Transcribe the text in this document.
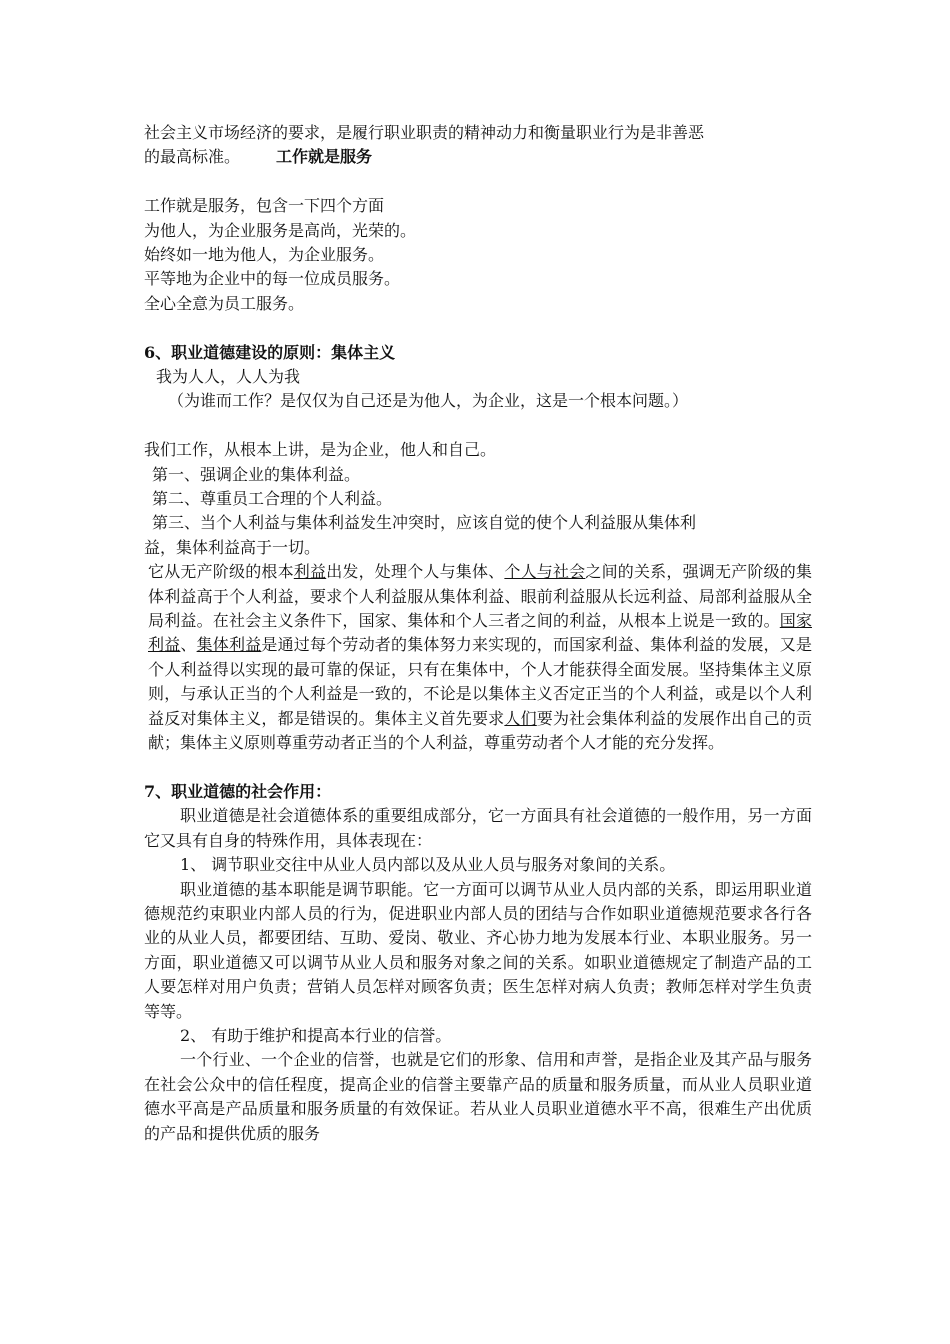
社会主义市场经济的要求，是履行职业职责的精神动力和衡量职业行为是非善恶

的最高标准。 工作就是服务

工作就是服务，包含一下四个方面

为他人，为企业服务是高尚，光荣的。

始终如一地为他人，为企业服务。

平等地为企业中的每一位成员服务。

全心全意为员工服务。

6、职业道德建设的原则：集体主义

我为人人，人人为我

（为谁而工作？是仅仅为自己还是为他人，为企业，这是一个根本问题。）

我们工作，从根本上讲，是为企业，他人和自己。

第一、强调企业的集体利益。

第二、尊重员工合理的个人利益。

第三、当个人利益与集体利益发生冲突时，应该自觉的使个人利益服从集体利

益，集体利益高于一切。

它从无产阶级的根本利益出发，处理个人与集体、个人与社会之间的关系，强调无产阶级的集体利益高于个人利益，要求个人利益服从集体利益、眼前利益服从长远利益、局部利益服从全局利益。在社会主义条件下，国家、集体和个人三者之间的利益，从根本上说是一致的。国家利益、集体利益是通过每个劳动者的集体努力来实现的，而国家利益、集体利益的发展，又是个人利益得以实现的最可靠的保证，只有在集体中，个人才能获得全面发展。坚持集体主义原则，与承认正当的个人利益是一致的，不论是以集体主义否定正当的个人利益，或是以个人利益反对集体主义，都是错误的。集体主义首先要求人们要为社会集体利益的发展作出自己的贡献；集体主义原则尊重劳动者正当的个人利益，尊重劳动者个人才能的充分发挥。

7、职业道德的社会作用：

职业道德是社会道德体系的重要组成部分，它一方面具有社会道德的一般作用，另一方面它又具有自身的特殊作用，具体表现在：

1、 调节职业交往中从业人员内部以及从业人员与服务对象间的关系。

职业道德的基本职能是调节职能。它一方面可以调节从业人员内部的关系，即运用职业道德规范约束职业内部人员的行为，促进职业内部人员的团结与合作如职业道德规范要求各行各业的从业人员，都要团结、互助、爱岗、敬业、齐心协力地为发展本行业、本职业服务。另一方面，职业道德又可以调节从业人员和服务对象之间的关系。如职业道德规定了制造产品的工人要怎样对用户负责；营销人员怎样对顾客负责；医生怎样对病人负责；教师怎样对学生负责等等。

2、 有助于维护和提高本行业的信誉。

一个行业、一个企业的信誉，也就是它们的形象、信用和声誉，是指企业及其产品与服务在社会公众中的信任程度，提高企业的信誉主要靠产品的质量和服务质量，而从业人员职业道德水平高是产品质量和服务质量的有效保证。若从业人员职业道德水平不高，很难生产出优质的产品和提供优质的服务
